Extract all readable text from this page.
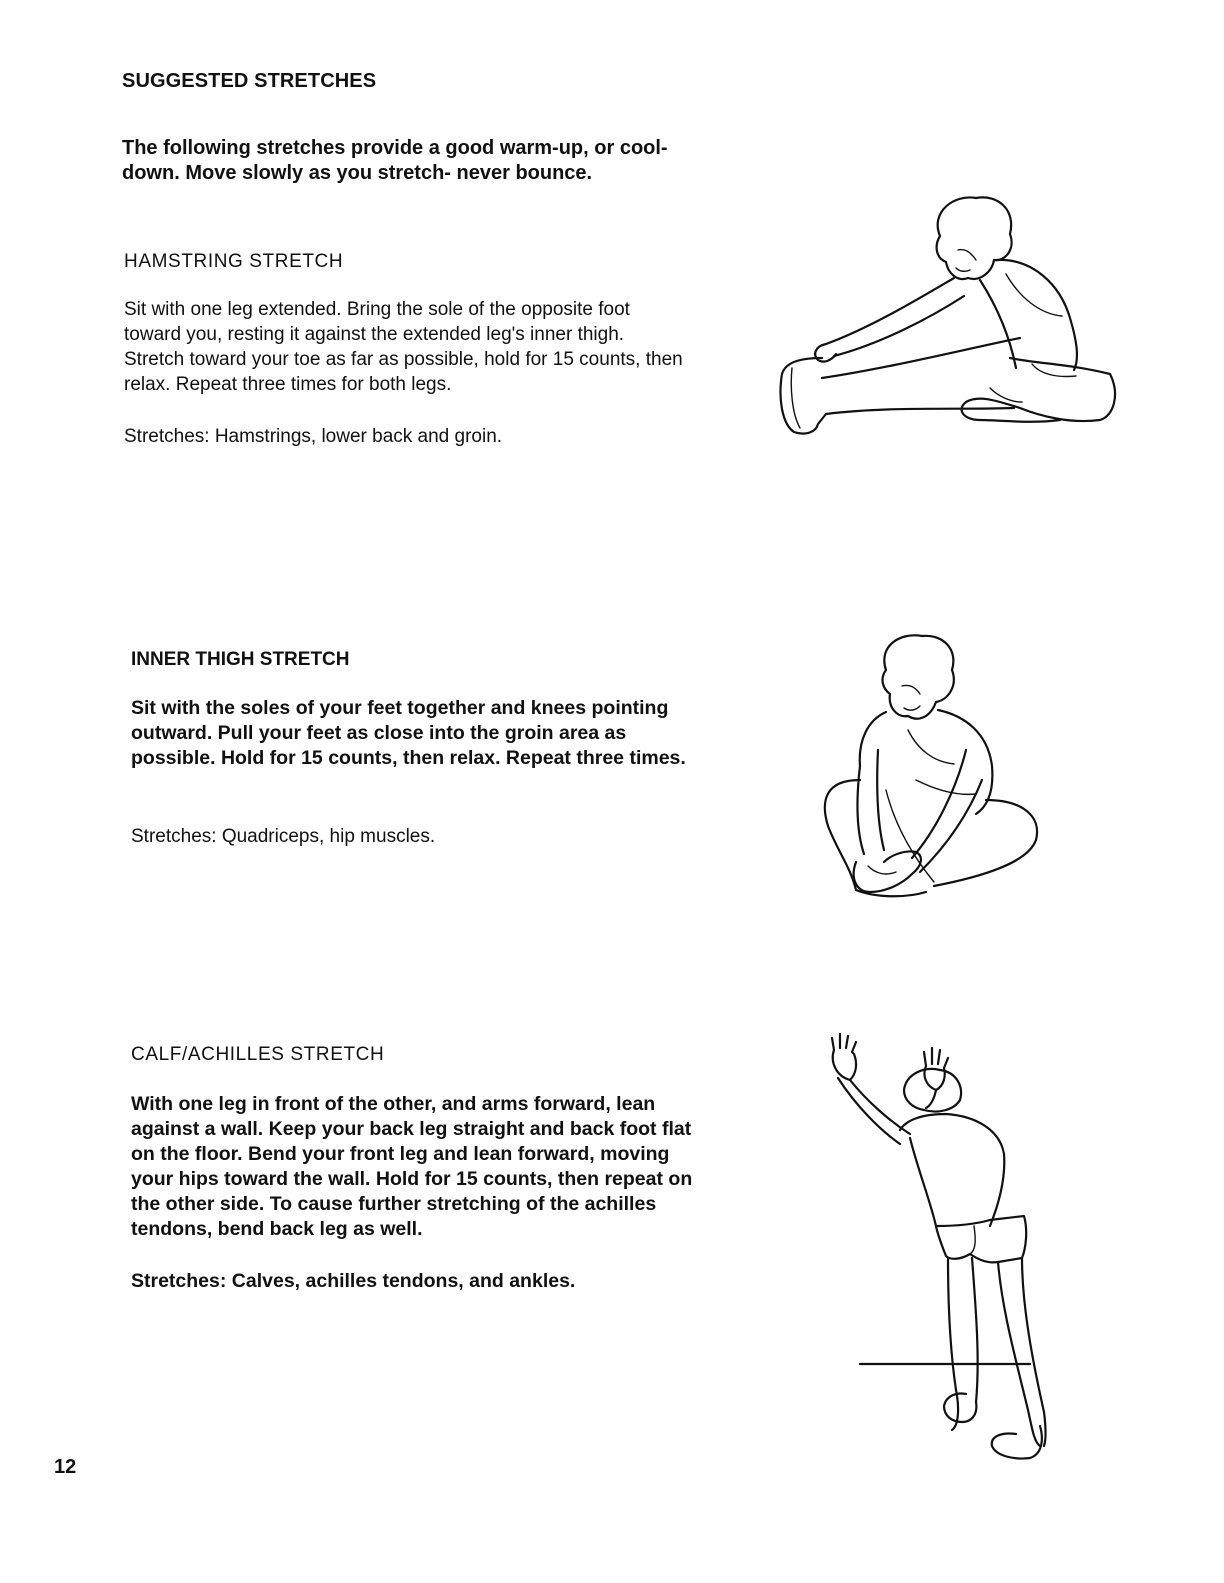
SUGGESTED STRETCHES
The following stretches provide a good warm-up, or cool-down. Move slowly as you stretch- never bounce.
HAMSTRING STRETCH
Sit with one leg extended. Bring the sole of the opposite foot toward you, resting it against the extended leg's inner thigh. Stretch toward your toe as far as possible, hold for 15 counts, then relax. Repeat three times for both legs.
Stretches: Hamstrings, lower back and groin.
INNER THIGH STRETCH
Sit with the soles of your feet together and knees pointing outward. Pull your feet as close into the groin area as possible. Hold for 15 counts, then relax. Repeat three times.
Stretches: Quadriceps, hip muscles.
CALF/ACHILLES STRETCH
With one leg in front of the other, and arms forward, lean against a wall. Keep your back leg straight and back foot flat on the floor. Bend your front leg and lean forward, moving your hips toward the wall. Hold for 15 counts, then repeat on the other side. To cause further stretching of the achilles tendons, bend back leg as well.
Stretches: Calves, achilles tendons, and ankles.
12
